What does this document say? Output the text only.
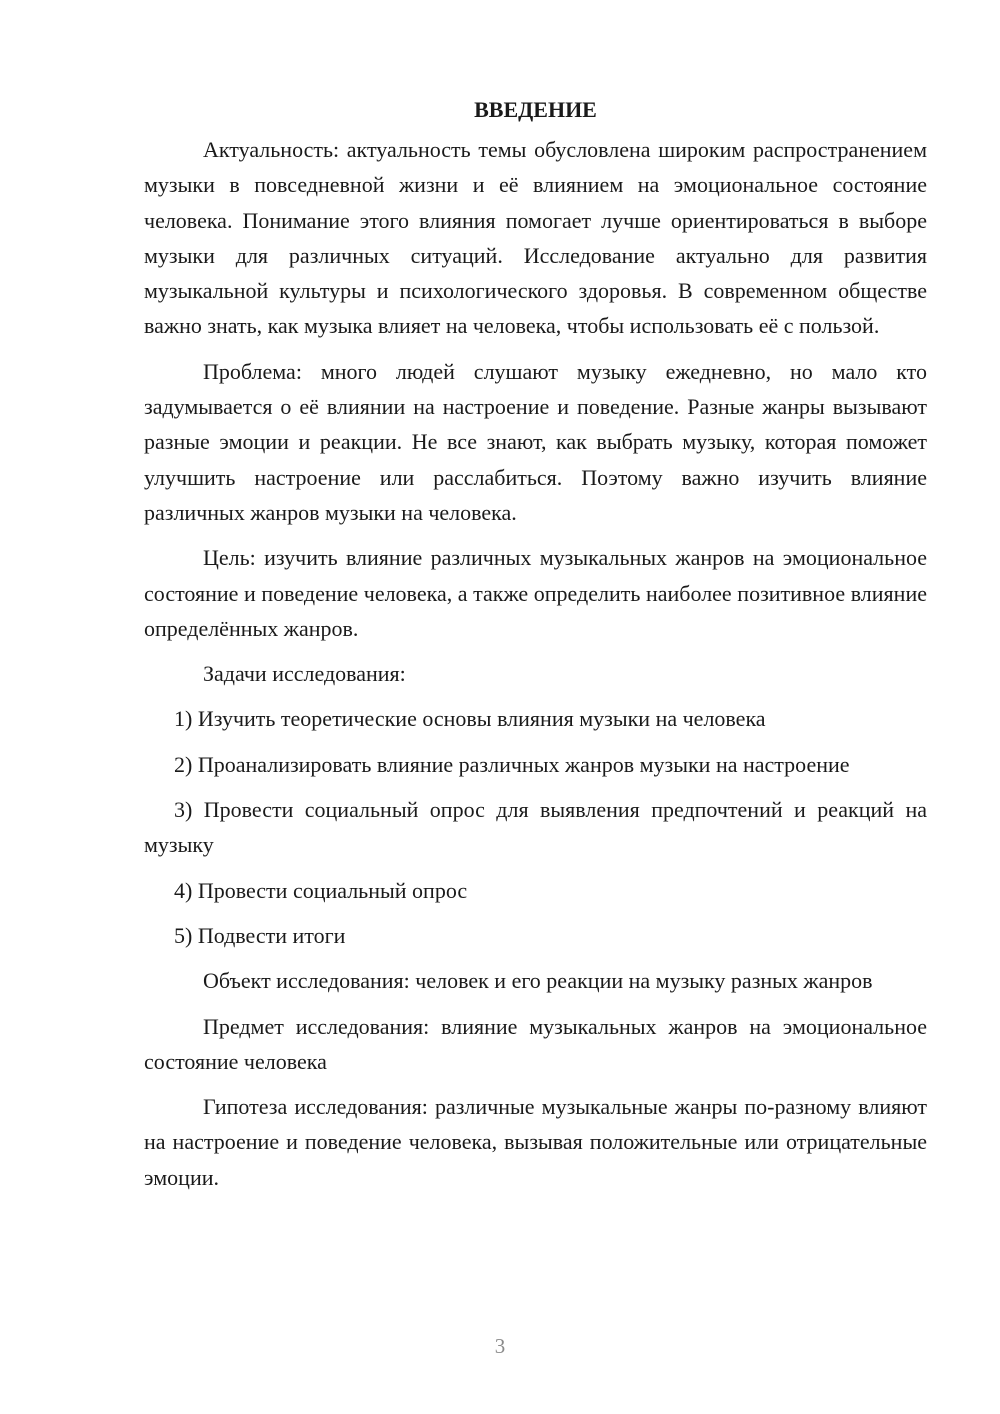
ВВЕДЕНИЕ

Актуальность: актуальность темы обусловлена широким распространением музыки в повседневной жизни и её влиянием на эмоциональное состояние человека. Понимание этого влияния помогает лучше ориентироваться в выборе музыки для различных ситуаций. Исследование актуально для развития музыкальной культуры и психологического здоровья. В современном обществе важно знать, как музыка влияет на человека, чтобы использовать её с пользой.

Проблема: много людей слушают музыку ежедневно, но мало кто задумывается о её влиянии на настроение и поведение. Разные жанры вызывают разные эмоции и реакции. Не все знают, как выбрать музыку, которая поможет улучшить настроение или расслабиться. Поэтому важно изучить влияние различных жанров музыки на человека.

Цель: изучить влияние различных музыкальных жанров на эмоциональное состояние и поведение человека, а также определить наиболее позитивное влияние определённых жанров.

Задачи исследования:

1) Изучить теоретические основы влияния музыки на человека

2) Проанализировать влияние различных жанров музыки на настроение

3) Провести социальный опрос для выявления предпочтений и реакций на музыку

4) Провести социальный опрос

5) Подвести итоги

Объект исследования: человек и его реакции на музыку разных жанров

Предмет исследования: влияние музыкальных жанров на эмоциональное состояние человека

Гипотеза исследования: различные музыкальные жанры по-разному влияют на настроение и поведение человека, вызывая положительные или отрицательные эмоции.

3
